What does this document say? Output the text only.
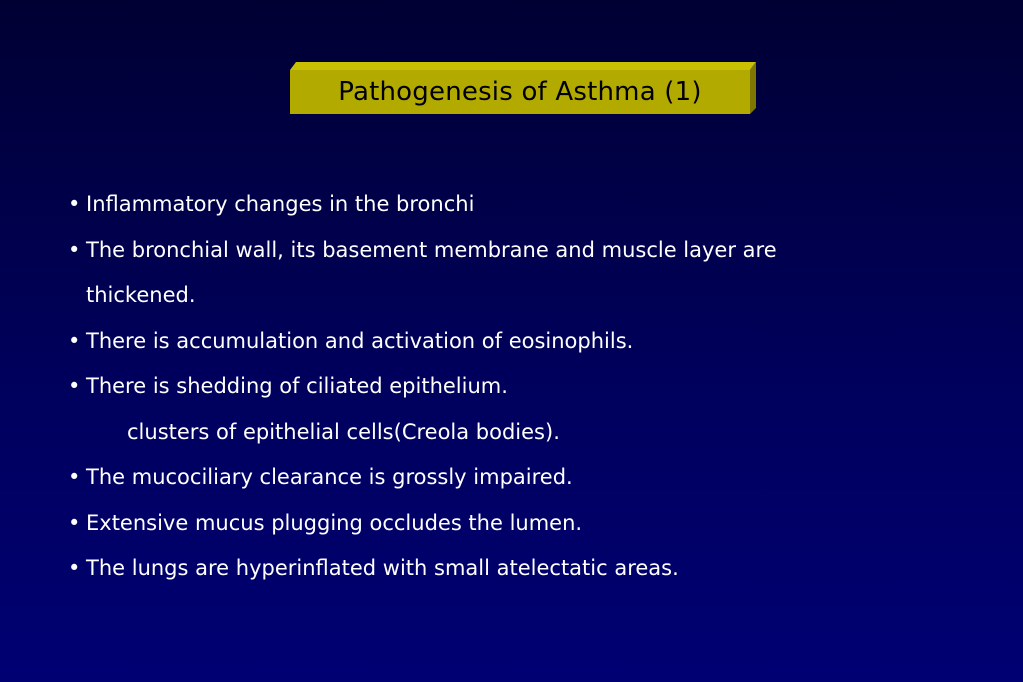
Pathogenesis of Asthma (1)
• Inflammatory changes in the bronchi
• The bronchial wall, its basement membrane and muscle layer are
thickened.
• There is accumulation and activation of eosinophils.
• There is shedding of ciliated epithelium.
clusters of epithelial cells(Creola bodies).
• The mucociliary clearance is grossly impaired.
• Extensive mucus plugging occludes the lumen.
• The lungs are hyperinflated with small atelectatic areas.
